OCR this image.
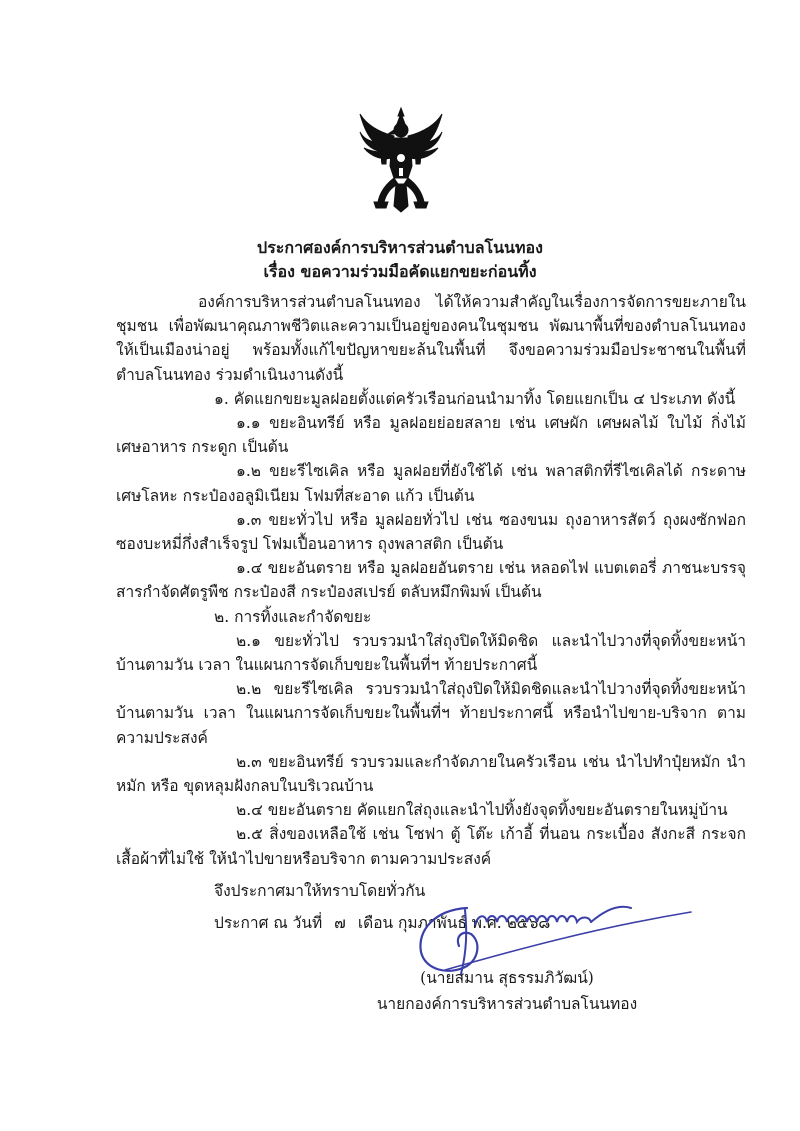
ประกาศองค์การบริหารส่วนตำบลโนนทอง
เรื่อง ขอความร่วมมือคัดแยกขยะก่อนทิ้ง

องค์การบริหารส่วนตำบลโนนทอง ได้ให้ความสำคัญในเรื่องการจัดการขยะภายในชุมชน เพื่อพัฒนาคุณภาพชีวิตและความเป็นอยู่ของคนในชุมชน พัฒนาพื้นที่ของตำบลโนนทองให้เป็นเมืองน่าอยู่ พร้อมทั้งแก้ไขปัญหาขยะล้นในพื้นที่ จึงขอความร่วมมือประชาชนในพื้นที่ตำบลโนนทอง ร่วมดำเนินงานดังนี้

๑. คัดแยกขยะมูลฝอยตั้งแต่ครัวเรือนก่อนนำมาทิ้ง โดยแยกเป็น ๔ ประเภท ดังนี้

๑.๑ ขยะอินทรีย์ หรือ มูลฝอยย่อยสลาย เช่น เศษผัก เศษผลไม้ ใบไม้ กิ่งไม้ เศษอาหาร กระดูก เป็นต้น

๑.๒ ขยะรีไซเคิล หรือ มูลฝอยที่ยังใช้ได้ เช่น พลาสติกที่รีไซเคิลได้ กระดาษ เศษโลหะ กระป๋องอลูมิเนียม โฟมที่สะอาด แก้ว เป็นต้น

๑.๓ ขยะทั่วไป หรือ มูลฝอยทั่วไป เช่น ซองขนม ถุงอาหารสัตว์ ถุงผงซักฟอก ซองบะหมี่กึ่งสำเร็จรูป โฟมเปื้อนอาหาร ถุงพลาสติก เป็นต้น

๑.๔ ขยะอันตราย หรือ มูลฝอยอันตราย เช่น หลอดไฟ แบตเตอรี่ ภาชนะบรรจุสารกำจัดศัตรูพืช กระป๋องสี กระป๋องสเปรย์ ตลับหมึกพิมพ์ เป็นต้น

๒. การทิ้งและกำจัดขยะ

๒.๑ ขยะทั่วไป รวบรวมนำใส่ถุงปิดให้มิดชิด และนำไปวางที่จุดทิ้งขยะหน้าบ้านตามวัน เวลา ในแผนการจัดเก็บขยะในพื้นที่ฯ ท้ายประกาศนี้

๒.๒ ขยะรีไซเคิล รวบรวมนำใส่ถุงปิดให้มิดชิดและนำไปวางที่จุดทิ้งขยะหน้าบ้านตามวัน เวลา ในแผนการจัดเก็บขยะในพื้นที่ฯ ท้ายประกาศนี้ หรือนำไปขาย-บริจาก ตามความประสงค์

๒.๓ ขยะอินทรีย์ รวบรวมและกำจัดภายในครัวเรือน เช่น นำไปทำปุ๋ยหมัก นำหมัก หรือ ขุดหลุมฝังกลบในบริเวณบ้าน

๒.๔ ขยะอันตราย คัดแยกใส่ถุงและนำไปทิ้งยังจุดทิ้งขยะอันตรายในหมู่บ้าน

๒.๕ สิ่งของเหลือใช้ เช่น โซฟา ตู้ โต๊ะ เก้าอี้ ที่นอน กระเบื้อง สังกะสี กระจก เสื้อผ้าที่ไม่ใช้ ให้นำไปขายหรือบริจาก ตามความประสงค์

จึงประกาศมาให้ทราบโดยทั่วกัน

ประกาศ ณ วันที่ ๗ เดือน กุมภาพันธ์ พ.ศ. ๒๕๖๘

(นายสมาน สุธรรมภิวัฒน์)
นายกองค์การบริหารส่วนตำบลโนนทอง
